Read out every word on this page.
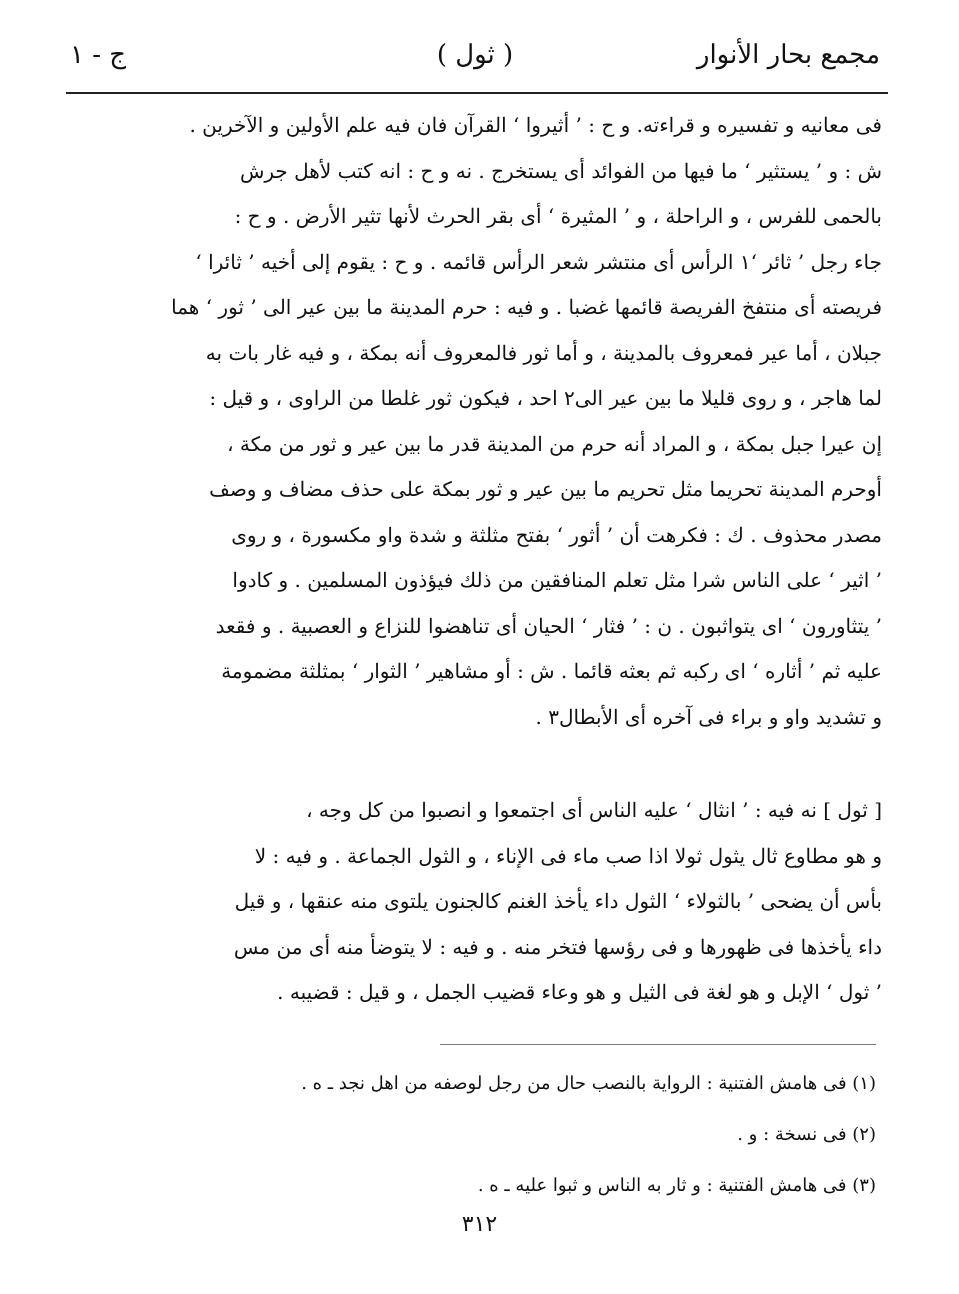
مجمع بحار الأنوار
( ثول )
ج - ١
فى معانيه و تفسيره و قراءته. و ح : ’ أثيروا ‘ القرآن فان فيه علم الأولين و الآخرين .
ش : و ’ يستثير ‘ ما فيها من الفوائد أى يستخرج . نه و ح : انه كتب لأهل جرش
بالحمى للفرس ، و الراحلة ، و ’ المثيرة ‘ أى بقر الحرث لأنها تثير الأرض . و ح :
جاء رجل ’ ثائر ‘١ الرأس أى منتشر شعر الرأس قائمه . و ح : يقوم إلى أخيه ’ ثائرا ‘
فريصته أى منتفخ الفريصة قائمها غضبا . و فيه : حرم المدينة ما بين عير الى ’ ثور ‘ هما
جبلان ، أما عير فمعروف بالمدينة ، و أما ثور فالمعروف أنه بمكة ، و فيه غار بات به
لما هاجر ، و روى قليلا ما بين عير الى٢ احد ، فيكون ثور غلطا من الراوى ، و قيل :
إن عيرا جبل بمكة ، و المراد أنه حرم من المدينة قدر ما بين عير و ثور من مكة ،
أوحرم المدينة تحريما مثل تحريم ما بين عير و ثور بمكة على حذف مضاف و وصف
مصدر محذوف . ك : فكرهت أن ’ أثور ‘ بفتح مثلثة و شدة واو مكسورة ، و روى
’ اثير ‘ على الناس شرا مثل تعلم المنافقين من ذلك فيؤذون المسلمين . و كادوا
’ يتثاورون ‘ اى يتواثبون . ن : ’ فثار ‘ الحيان أى تناهضوا للنزاع و العصبية . و فقعد
عليه ثم ’ أثاره ‘ اى ركبه ثم بعثه قائما . ش : أو مشاهير ’ الثوار ‘ بمثلثة مضمومة
و تشديد واو و براء فى آخره أى الأبطال٣ .
[ ثول ] نه فيه : ’ انثال ‘ عليه الناس أى اجتمعوا و انصبوا من كل وجه ،
و هو مطاوع ثال يثول ثولا اذا صب ماء فى الإناء ، و الثول الجماعة . و فيه : لا
بأس أن يضحى ’ بالثولاء ‘ الثول داء يأخذ الغنم كالجنون يلتوى منه عنقها ، و قيل
داء يأخذها فى ظهورها و فى رؤسها فتخر منه . و فيه : لا يتوضأ منه أى من مس
’ ثول ‘ الإبل و هو لغة فى الثيل و هو وعاء قضيب الجمل ، و قيل : قضيبه .
(١) فى هامش الفتنية : الرواية بالنصب حال من رجل لوصفه من اهل نجد ـ ه .
(٢) فى نسخة : و .
(٣) فى هامش الفتنية : و ثار به الناس و ثبوا عليه ـ ه .
٣١٢
